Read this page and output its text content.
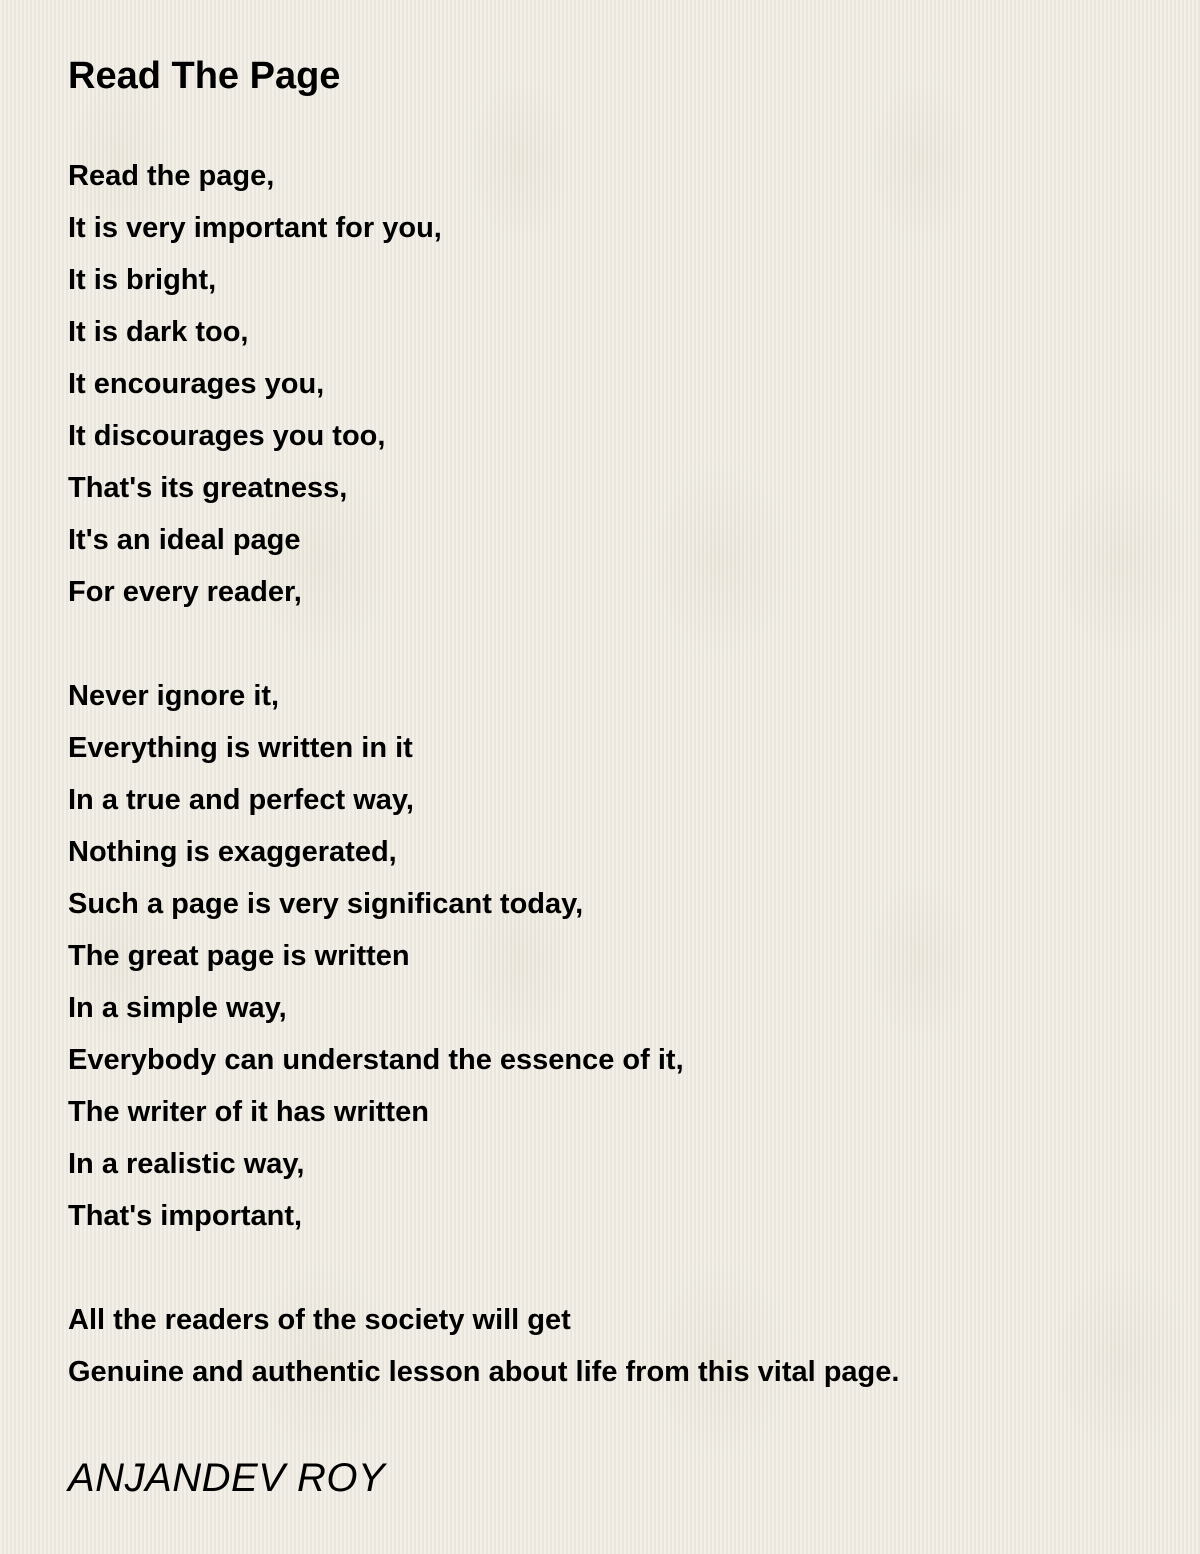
Read The Page

Read the page,
It is very important for you,
It is bright,
It is dark too,
It encourages you,
It discourages you too,
That's its greatness,
It's an ideal page
For every reader,

Never ignore it,
Everything is written in it
In a true and perfect way,
Nothing is exaggerated,
Such a page is very significant today,
The great page is written
In a simple way,
Everybody can understand the essence of it,
The writer of it has written
In a realistic way,
That's important,

All the readers of the society will get
Genuine and authentic lesson about life from this vital page.

ANJANDEV ROY
